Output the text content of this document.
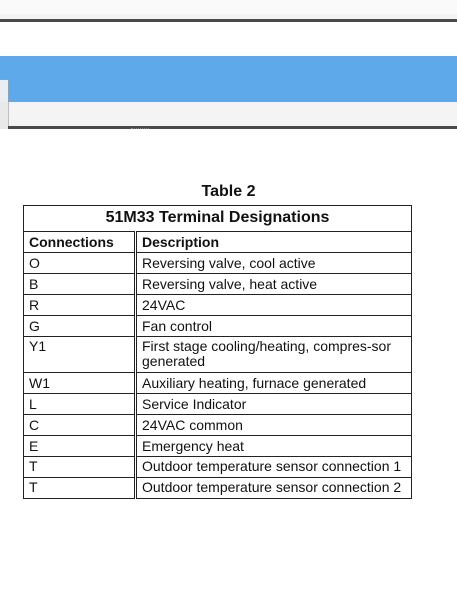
Table 2
51M33 Terminal Designations	
Connections	Description
O	Reversing valve, cool active
B	Reversing valve, heat active
R	24VAC
G	Fan control
Y1	First stage cooling/heating, compres-sor generated
W1	Auxiliary heating, furnace generated
L	Service Indicator
C	24VAC common
E	Emergency heat
T	Outdoor temperature sensor connection 1
T	Outdoor temperature sensor connection 2
